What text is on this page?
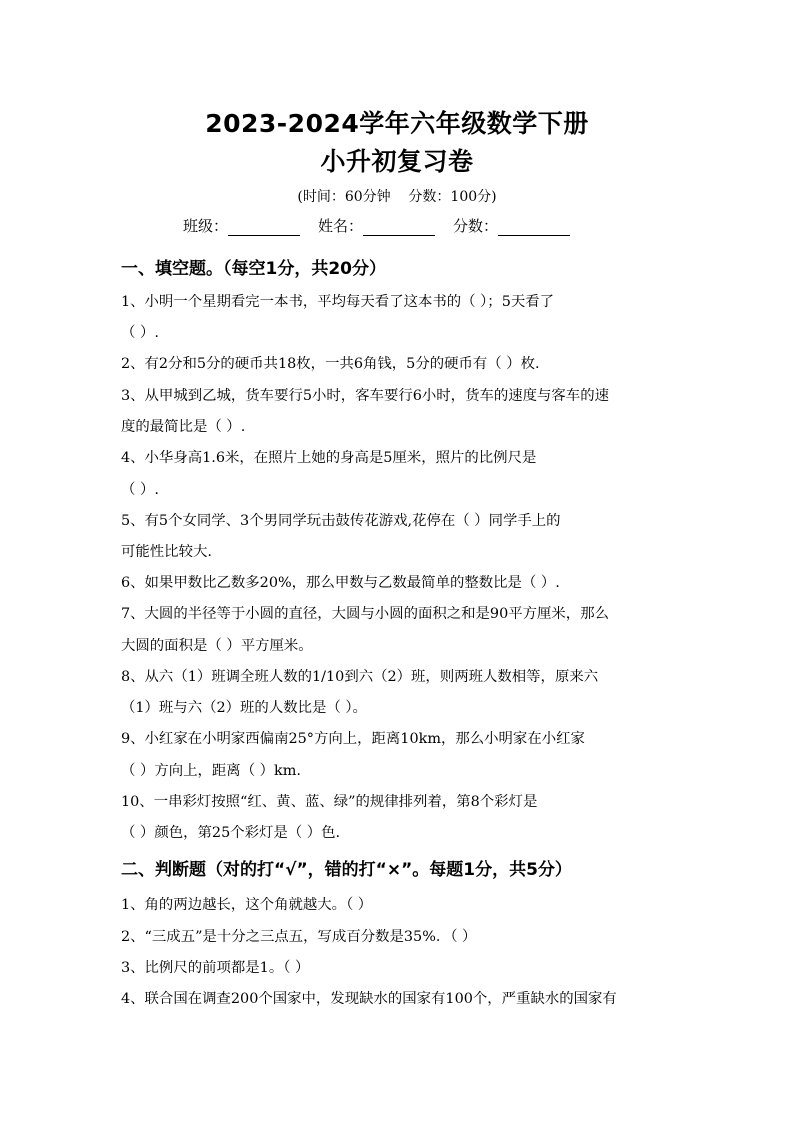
2023-2024学年六年级数学下册
小升初复习卷
(时间：60分钟    分数：100分)
班级：	姓名：	分数：
一、填空题。（每空1分，共20分）
1、小明一个星期看完一本书，平均每天看了这本书的（ ）；5天看了
（ ）.
2、有2分和5分的硬币共18枚，一共6角钱，5分的硬币有（ ）枚.
3、从甲城到乙城，货车要行5小时，客车要行6小时，货车的速度与客车的速
度的最简比是（ ）.
4、小华身高1.6米，在照片上她的身高是5厘米，照片的比例尺是
（ ）.
5、有5个女同学、3个男同学玩击鼓传花游戏,花停在（ ）同学手上的
可能性比较大.
6、如果甲数比乙数多20%，那么甲数与乙数最简单的整数比是（ ）.
7、大圆的半径等于小圆的直径，大圆与小圆的面积之和是90平方厘米，那么
大圆的面积是（ ）平方厘米。
8、从六（1）班调全班人数的1/10到六（2）班，则两班人数相等，原来六
（1）班与六（2）班的人数比是（ ）。
9、小红家在小明家西偏南25°方向上，距离10km，那么小明家在小红家
（ ）方向上，距离（ ）km.
10、一串彩灯按照“红、黄、蓝、绿”的规律排列着，第8个彩灯是
（ ）颜色，第25个彩灯是（ ）色.
二、判断题（对的打“√”，错的打“×”。每题1分，共5分）
1、角的两边越长，这个角就越大。（ ）
2、“三成五”是十分之三点五，写成百分数是35%．（ ）
3、比例尺的前项都是1。（ ）
4、联合国在调查200个国家中，发现缺水的国家有100个，严重缺水的国家有
